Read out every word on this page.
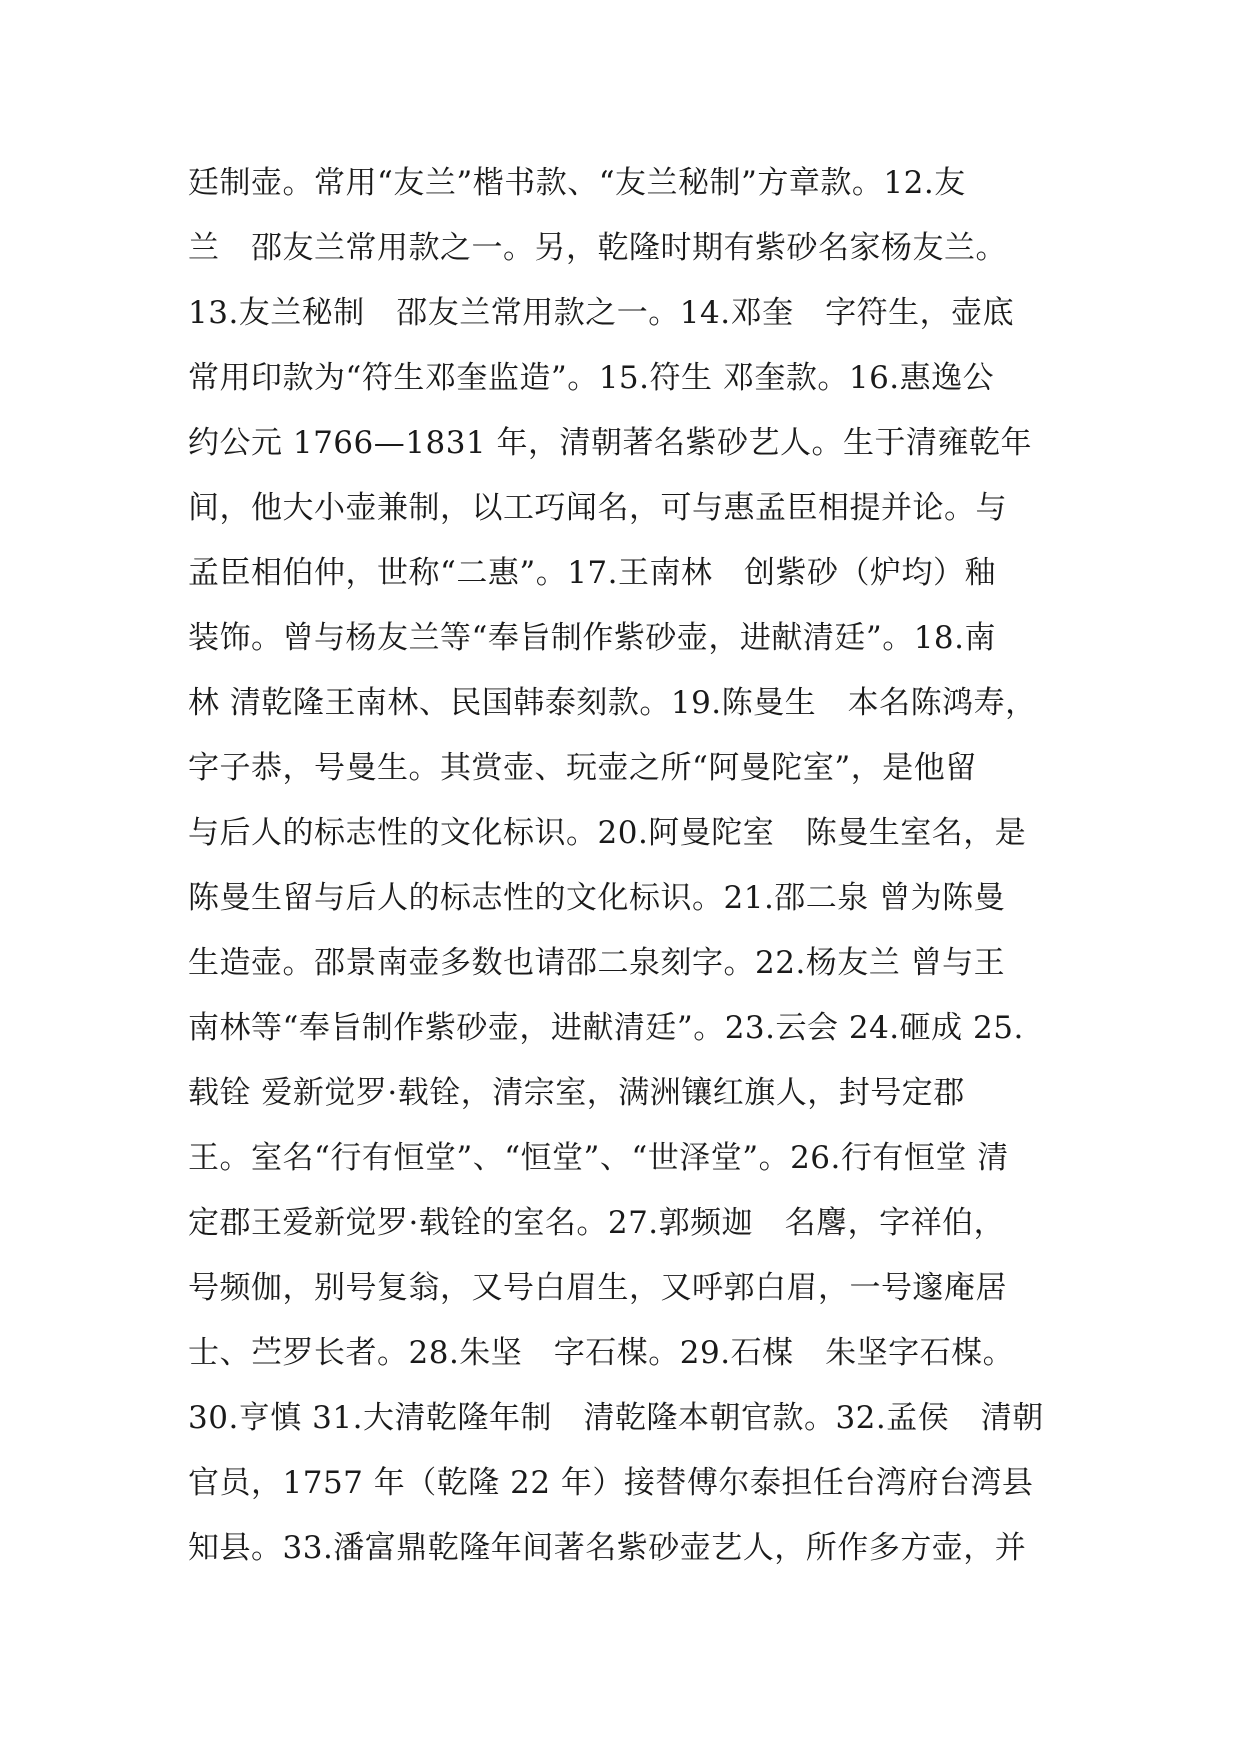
廷制壶。常用“友兰”楷书款、“友兰秘制”方章款。12.友
兰　邵友兰常用款之一。另，乾隆时期有紫砂名家杨友兰。
13.友兰秘制　邵友兰常用款之一。14.邓奎　字符生，壶底
常用印款为“符生邓奎监造”。15.符生 邓奎款。16.惠逸公
约公元 1766—1831 年，清朝著名紫砂艺人。生于清雍乾年
间，他大小壶兼制，以工巧闻名，可与惠孟臣相提并论。与
孟臣相伯仲，世称“二惠”。17.王南林　创紫砂（炉均）釉
装饰。曾与杨友兰等“奉旨制作紫砂壶，进献清廷”。18.南
林 清乾隆王南林、民国韩泰刻款。19.陈曼生　本名陈鸿寿，
字子恭，号曼生。其赏壶、玩壶之所“阿曼陀室”，是他留
与后人的标志性的文化标识。20.阿曼陀室　陈曼生室名，是
陈曼生留与后人的标志性的文化标识。21.邵二泉 曾为陈曼
生造壶。邵景南壶多数也请邵二泉刻字。22.杨友兰 曾与王
南林等“奉旨制作紫砂壶，进献清廷”。23.云会 24.砸成 25.
载铨 爱新觉罗·载铨，清宗室，满洲镶红旗人，封号定郡
王。室名“行有恒堂”、“恒堂”、“世泽堂”。26.行有恒堂 清
定郡王爱新觉罗·载铨的室名。27.郭频迦　名麐，字祥伯，
号频伽，别号复翁，又号白眉生，又呼郭白眉，一号邃庵居
士、苎罗长者。28.朱坚　字石楳。29.石楳　朱坚字石楳。
30.亨慎 31.大清乾隆年制　清乾隆本朝官款。32.孟侯　清朝
官员，1757 年（乾隆 22 年）接替傅尔泰担任台湾府台湾县
知县。33.潘富鼎乾隆年间著名紫砂壶艺人，所作多方壶，并
